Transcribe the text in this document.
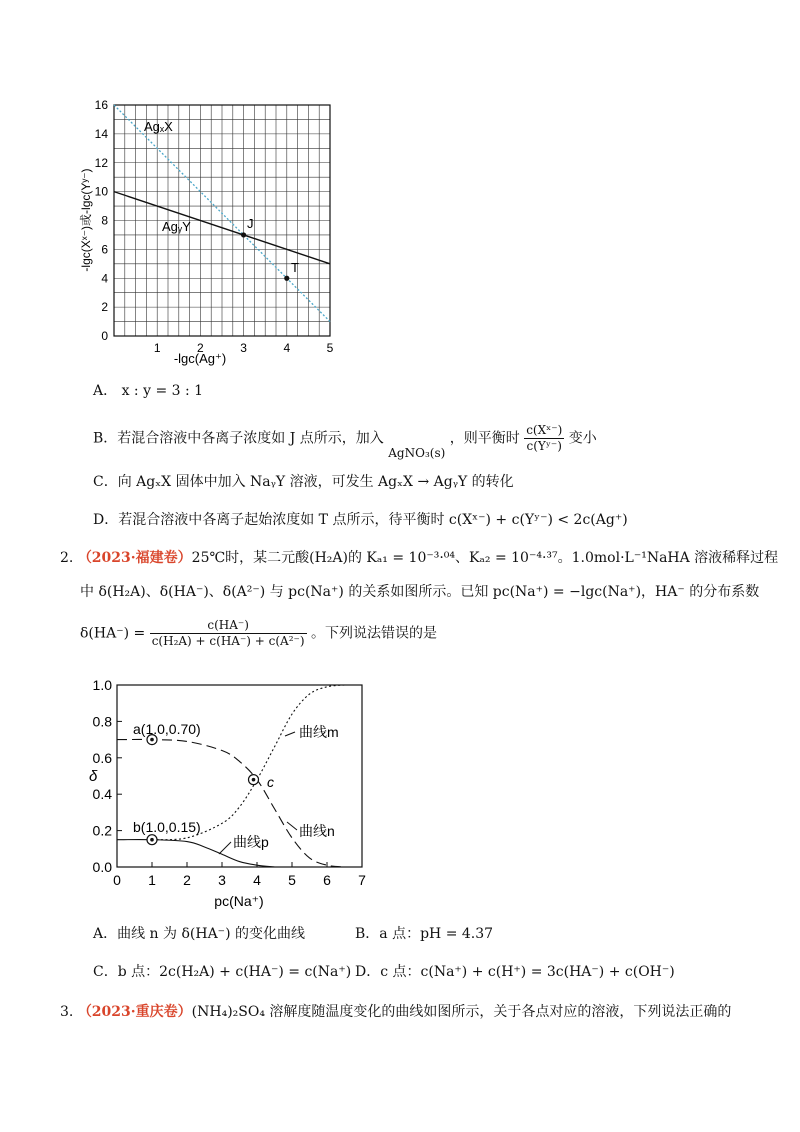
0
2
4
6
8
10
12
14
16
1	2	3	4	5
AgₓX
AgᵧY	J
T
-lgc(Ag⁺)
-lgc(Xˣ⁻)或-lgc(Yʸ⁻)
A． x : y = 3 : 1
B．若混合溶液中各离子浓度如 J 点所示，加入 AgNO₃(s) ，则平衡时 $\frac{\text{c(Xˣ⁻)}}{\text{c(Yʸ⁻)}}$ 变小
C．向 AgₓX 固体中加入 NaᵧY 溶液，可发生 AgₓX → AgᵧY 的转化
D．若混合溶液中各离子起始浓度如 T 点所示，待平衡时 c(Xˣ⁻) + c(Yʸ⁻) < 2c(Ag⁺)
2. （2023·福建卷）25℃时，某二元酸(H₂A)的 Kₐ₁ = 10⁻³·⁰⁴、Kₐ₂ = 10⁻⁴·³⁷。1.0mol·L⁻¹NaHA 溶液稀释过程
中 δ(H₂A)、δ(HA⁻)、δ(A²⁻) 与 pc(Na⁺) 的关系如图所示。已知 pc(Na⁺) = −lgc(Na⁺)，HA⁻ 的分布系数
$\delta(HA^-) = \frac{c(HA^-)}{\text{c(H₂A) + c(HA⁻) + c(A²⁻)}}$ 。下列说法错误的是
0.0
0.2
0.4
0.6
0.8
1.0
0 1 2 3 4 5 6 7
a(1.0,0.70)
b(1.0,0.15)
c
曲线m
曲线n
曲线p
pc(Na⁺)
δ
A．曲线 n 为 δ(HA⁻) 的变化曲线	B．a 点：pH = 4.37
C．b 点：2c(H₂A) + c(HA⁻) = c(Na⁺) D．c 点：c(Na⁺) + c(H⁺) = 3c(HA⁻) + c(OH⁻)
3. （2023·重庆卷）(NH₄)₂SO₄ 溶解度随温度变化的曲线如图所示，关于各点对应的溶液，下列说法正确的
